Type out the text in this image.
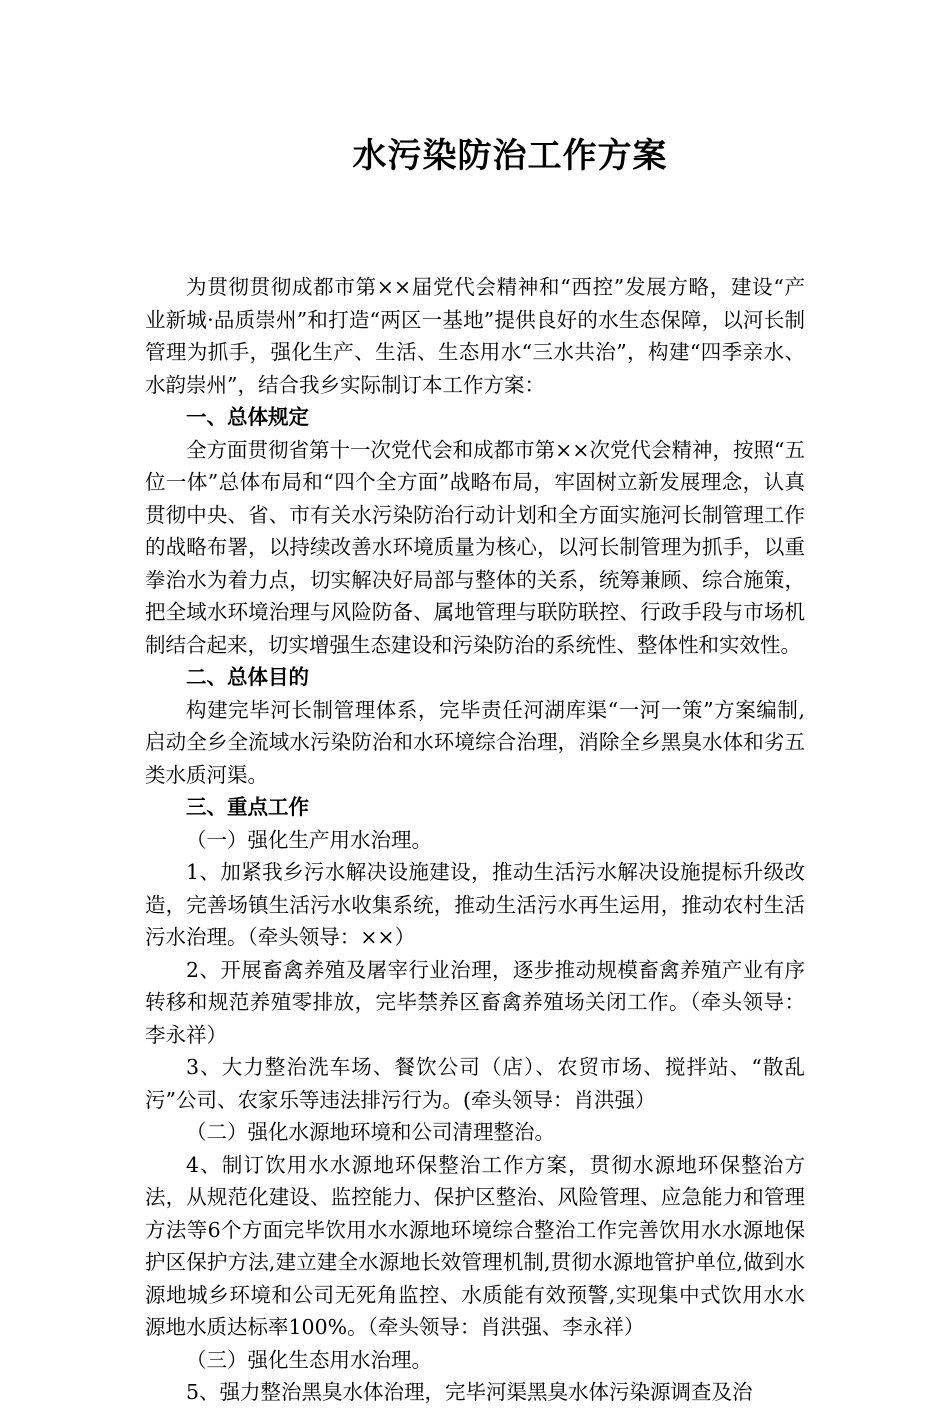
水污染防治工作方案

为贯彻贯彻成都市第××届党代会精神和“西控”发展方略，建设“产业新城·品质崇州”和打造“两区一基地”提供良好的水生态保障，以河长制管理为抓手，强化生产、生活、生态用水“三水共治”，构建“四季亲水、水韵崇州”，结合我乡实际制订本工作方案：

一、总体规定

全方面贯彻省第十一次党代会和成都市第××次党代会精神，按照“五位一体”总体布局和“四个全方面”战略布局，牢固树立新发展理念，认真贯彻中央、省、市有关水污染防治行动计划和全方面实施河长制管理工作的战略布署，以持续改善水环境质量为核心，以河长制管理为抓手，以重拳治水为着力点，切实解决好局部与整体的关系，统筹兼顾、综合施策，把全域水环境治理与风险防备、属地管理与联防联控、行政手段与市场机制结合起来，切实增强生态建设和污染防治的系统性、整体性和实效性。

二、总体目的

构建完毕河长制管理体系，完毕责任河湖库渠“一河一策”方案编制,启动全乡全流域水污染防治和水环境综合治理，消除全乡黑臭水体和劣五类水质河渠。

三、重点工作

（一）强化生产用水治理。

1、加紧我乡污水解决设施建设，推动生活污水解决设施提标升级改造，完善场镇生活污水收集系统，推动生活污水再生运用，推动农村生活污水治理。（牵头领导：××）

2、开展畜禽养殖及屠宰行业治理，逐步推动规模畜禽养殖产业有序转移和规范养殖零排放，完毕禁养区畜禽养殖场关闭工作。（牵头领导：李永祥）

3、大力整治洗车场、餐饮公司（店）、农贸市场、搅拌站、“散乱污”公司、农家乐等违法排污行为。(牵头领导：肖洪强）

（二）强化水源地环境和公司清理整治。

4、制订饮用水水源地环保整治工作方案，贯彻水源地环保整治方法，从规范化建设、监控能力、保护区整治、风险管理、应急能力和管理方法等6个方面完毕饮用水水源地环境综合整治工作完善饮用水水源地保护区保护方法,建立建全水源地长效管理机制,贯彻水源地管护单位,做到水源地城乡环境和公司无死角监控、水质能有效预警,实现集中式饮用水水源地水质达标率100%。（牵头领导：肖洪强、李永祥）

（三）强化生态用水治理。

5、强力整治黑臭水体治理，完毕河渠黑臭水体污染源调查及治
